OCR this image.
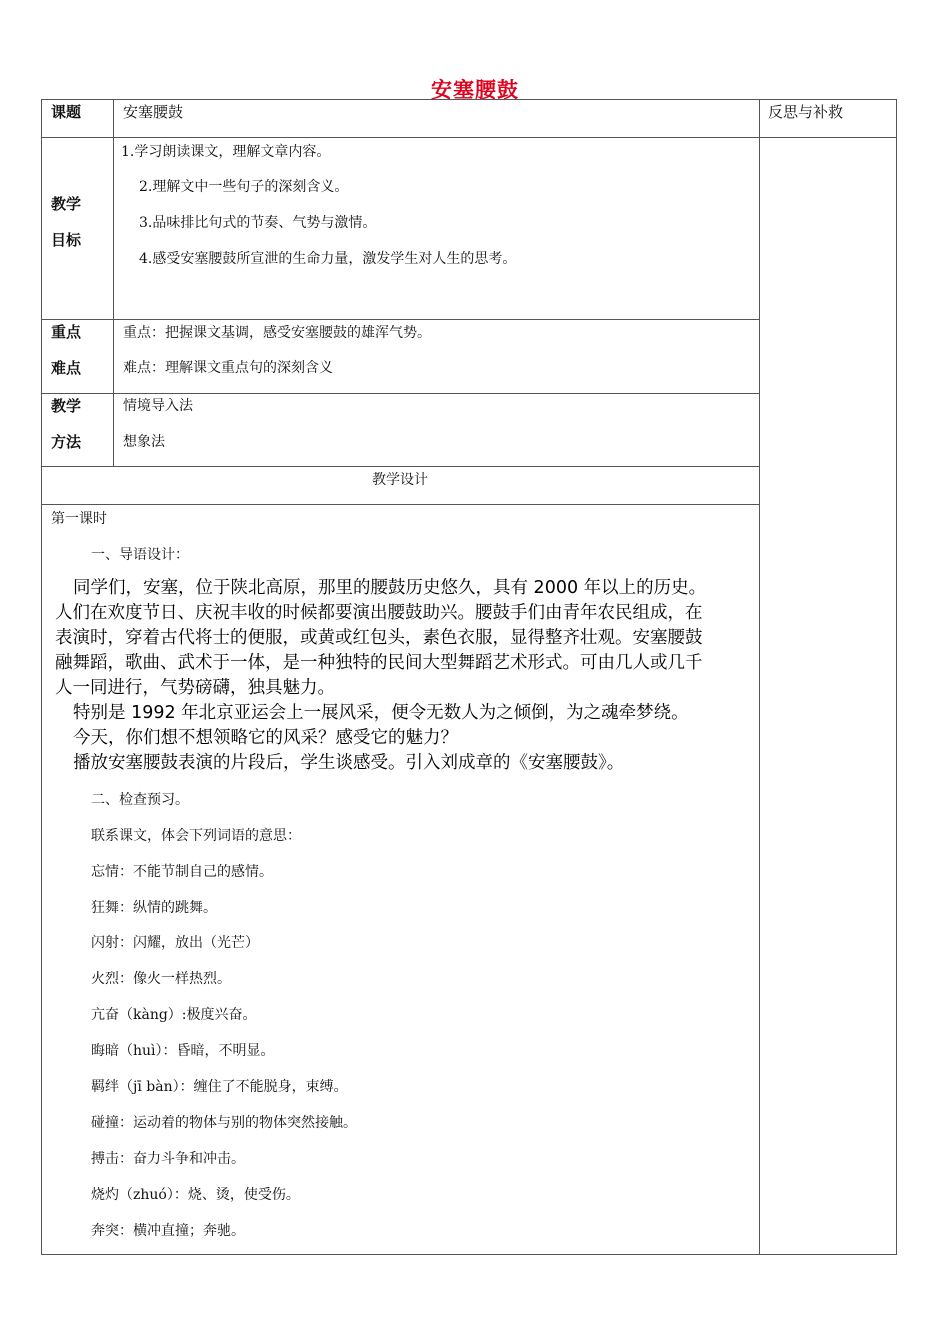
安塞腰鼓
课题	安塞腰鼓	反思与补救
教学
目标
1.学习朗读课文，理解文章内容。
2.理解文中一些句子的深刻含义。
3.品味排比句式的节奏、气势与激情。
4.感受安塞腰鼓所宣泄的生命力量，激发学生对人生的思考。
重点
难点
重点：把握课文基调，感受安塞腰鼓的雄浑气势。
难点：理解课文重点句的深刻含义
教学
方法
情境导入法
想象法
教学设计
第一课时
一、导语设计：
同学们，安塞，位于陕北高原，那里的腰鼓历史悠久，具有 2000 年以上的历史。
人们在欢度节日、庆祝丰收的时候都要演出腰鼓助兴。腰鼓手们由青年农民组成，在
表演时，穿着古代将士的便服，或黄或红包头，素色衣服，显得整齐壮观。安塞腰鼓
融舞蹈，歌曲、武术于一体，是一种独特的民间大型舞蹈艺术形式。可由几人或几千
人一同进行，气势磅礴，独具魅力。
特别是 1992 年北京亚运会上一展风采，便令无数人为之倾倒，为之魂牵梦绕。
今天，你们想不想领略它的风采？感受它的魅力？
播放安塞腰鼓表演的片段后，学生谈感受。引入刘成章的《安塞腰鼓》。
二、检查预习。
联系课文，体会下列词语的意思：
忘情：不能节制自己的感情。
狂舞：纵情的跳舞。
闪射：闪耀，放出（光芒）
火烈：像火一样热烈。
亢奋（kàng）:极度兴奋。
晦暗（huì）：昏暗，不明显。
羁绊（jī bàn）：缠住了不能脱身，束缚。
碰撞：运动着的物体与别的物体突然接触。
搏击：奋力斗争和冲击。
烧灼（zhuó）：烧、烫，使受伤。
奔突：横冲直撞；奔驰。
